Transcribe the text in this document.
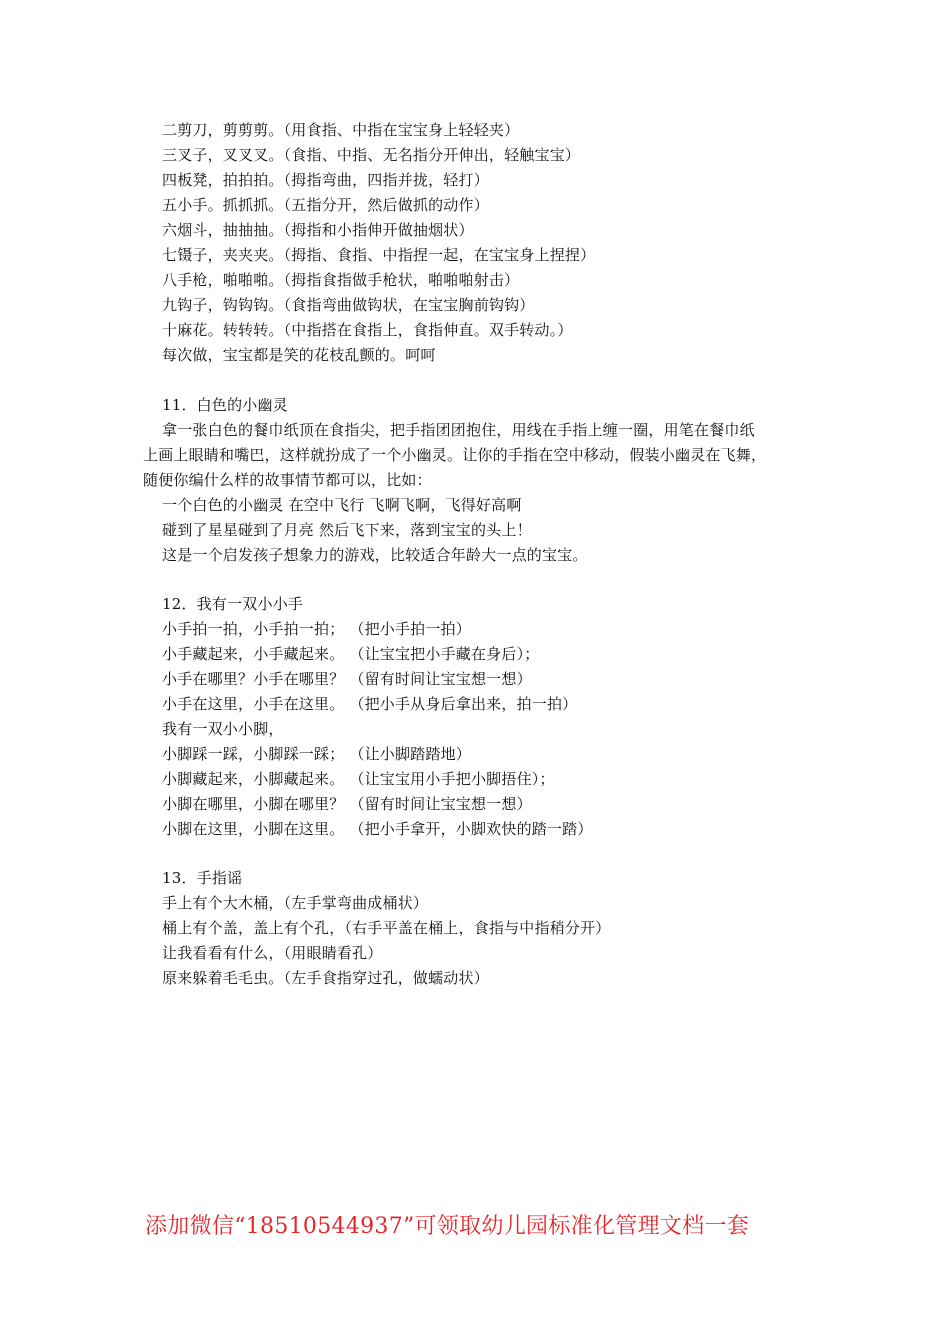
二剪刀，剪剪剪。（用食指、中指在宝宝身上轻轻夹）
三叉子，叉叉叉。（食指、中指、无名指分开伸出，轻触宝宝）
四板凳，拍拍拍。（拇指弯曲，四指并拢，轻打）
五小手。抓抓抓。（五指分开，然后做抓的动作）
六烟斗，抽抽抽。（拇指和小指伸开做抽烟状）
七镊子，夹夹夹。（拇指、食指、中指捏一起，在宝宝身上捏捏）
八手枪，啪啪啪。（拇指食指做手枪状，啪啪啪射击）
九钩子，钩钩钩。（食指弯曲做钩状，在宝宝胸前钩钩）
十麻花。转转转。（中指搭在食指上，食指伸直。双手转动。）
每次做，宝宝都是笑的花枝乱颤的。呵呵
11．白色的小幽灵
拿一张白色的餐巾纸顶在食指尖，把手指团团抱住，用线在手指上缠一圈，用笔在餐巾纸
上画上眼睛和嘴巴，这样就扮成了一个小幽灵。让你的手指在空中移动，假装小幽灵在飞舞，
随便你编什么样的故事情节都可以，比如：
一个白色的小幽灵 在空中飞行 飞啊飞啊，飞得好高啊
碰到了星星碰到了月亮 然后飞下来，落到宝宝的头上！
这是一个启发孩子想象力的游戏，比较适合年龄大一点的宝宝。
12．我有一双小小手
小手拍一拍，小手拍一拍； （把小手拍一拍）
小手藏起来，小手藏起来。 （让宝宝把小手藏在身后）；
小手在哪里？小手在哪里？ （留有时间让宝宝想一想）
小手在这里，小手在这里。 （把小手从身后拿出来，拍一拍）
我有一双小小脚，
小脚踩一踩，小脚踩一踩； （让小脚踏踏地）
小脚藏起来，小脚藏起来。 （让宝宝用小手把小脚捂住）；
小脚在哪里，小脚在哪里？ （留有时间让宝宝想一想）
小脚在这里，小脚在这里。 （把小手拿开，小脚欢快的踏一踏）
13．手指谣
手上有个大木桶，（左手掌弯曲成桶状）
桶上有个盖，盖上有个孔，（右手平盖在桶上，食指与中指稍分开）
让我看看有什么，（用眼睛看孔）
原来躲着毛毛虫。（左手食指穿过孔，做蠕动状）
添加微信“18510544937”可领取幼儿园标准化管理文档一套
